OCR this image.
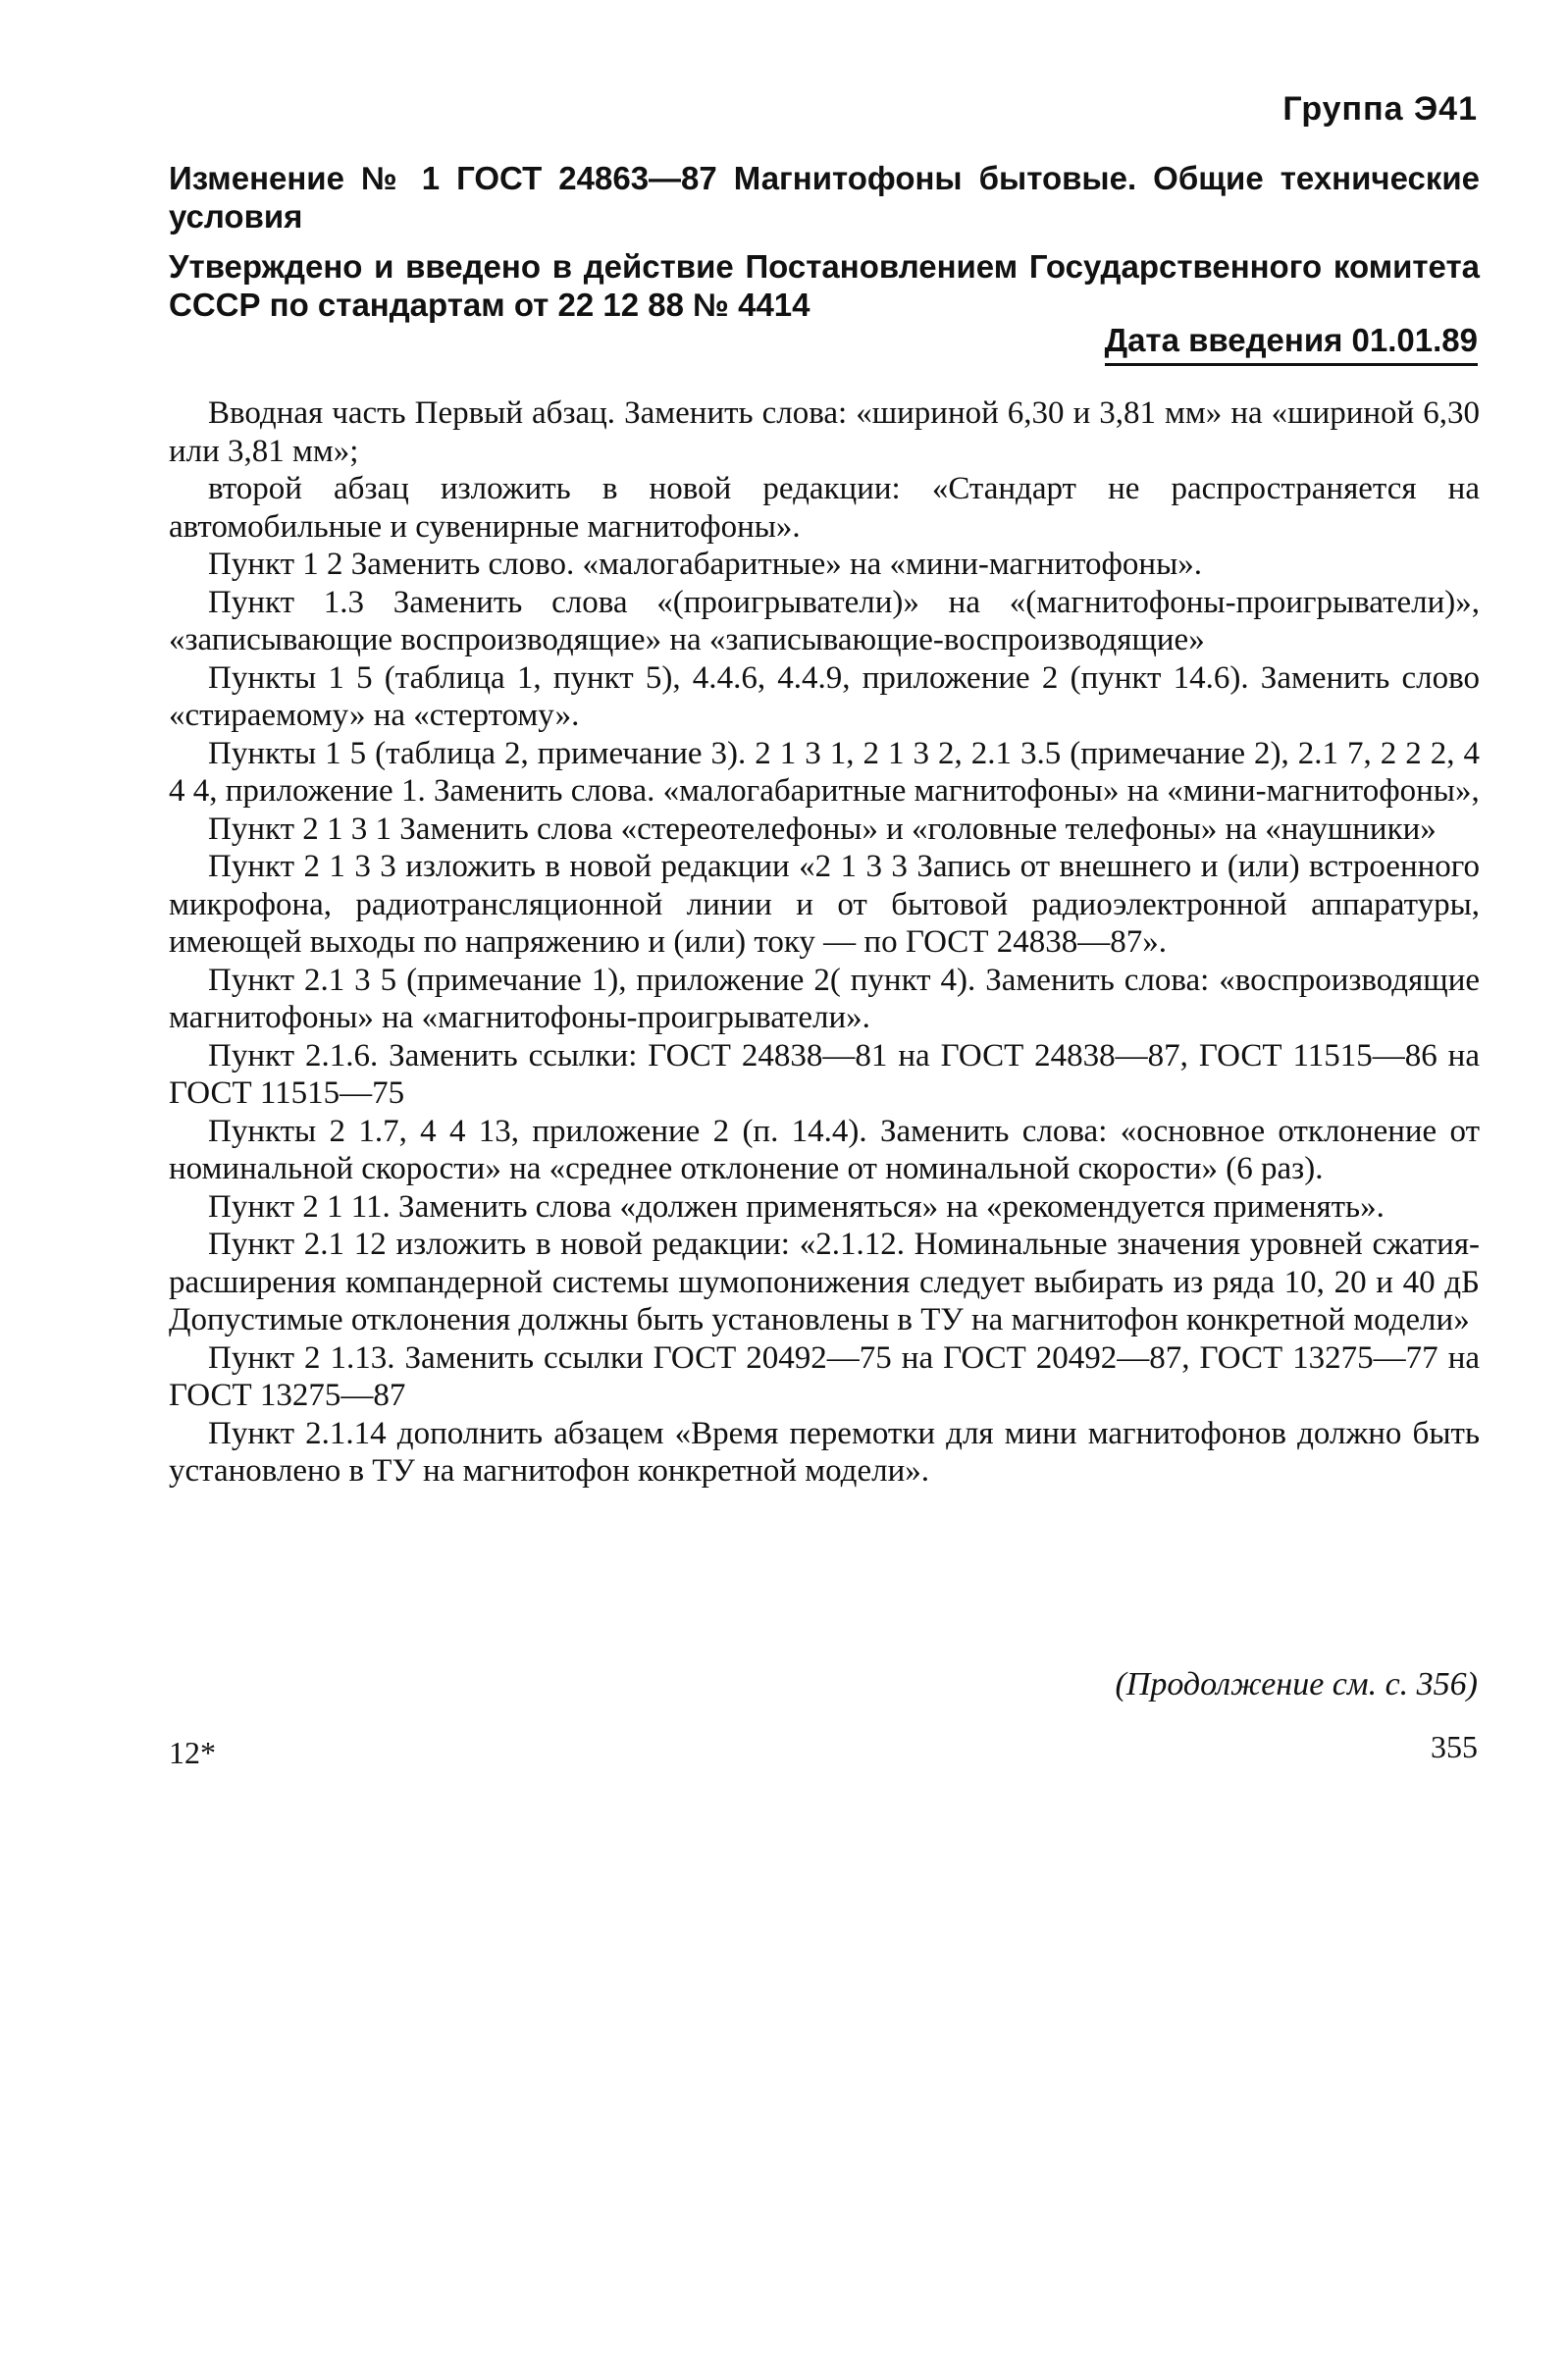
Группа Э41
Изменение № 1 ГОСТ 24863—87 Магнитофоны бытовые. Общие технические условия
Утверждено и введено в действие Постановлением Государственного комитета СССР по стандартам от 22 12 88 № 4414
Дата введения 01.01.89

Вводная часть Первый абзац. Заменить слова: «шириной 6,30 и 3,81 мм» на «шириной 6,30 или 3,81 мм»;

второй абзац изложить в новой редакции: «Стандарт не распространяется на автомобильные и сувенирные магнитофоны».

Пункт 1 2 Заменить слово. «малогабаритные» на «мини-магнитофоны».

Пункт 1.3 Заменить слова «(проигрыватели)» на «(магнитофоны-проигрыватели)», «записывающие воспроизводящие» на «записывающие-воспроизводящие»

Пункты 1 5 (таблица 1, пункт 5), 4.4.6, 4.4.9, приложение 2 (пункт 14.6). Заменить слово «стираемому» на «стертому».

Пункты 1 5 (таблица 2, примечание 3). 2 1 3 1, 2 1 3 2, 2.1 3.5 (примечание 2), 2.1 7, 2 2 2, 4 4 4, приложение 1. Заменить слова. «малогабаритные магнитофоны» на «мини-магнитофоны»,

Пункт 2 1 3 1 Заменить слова «стереотелефоны» и «головные телефоны» на «наушники»

Пункт 2 1 3 3 изложить в новой редакции «2 1 3 3 Запись от внешнего и (или) встроенного микрофона, радиотрансляционной линии и от бытовой радиоэлектронной аппаратуры, имеющей выходы по напряжению и (или) току — по ГОСТ 24838—87».

Пункт 2.1 3 5 (примечание 1), приложение 2( пункт 4). Заменить слова: «воспроизводящие магнитофоны» на «магнитофоны-проигрыватели».

Пункт 2.1.6. Заменить ссылки: ГОСТ 24838—81 на ГОСТ 24838—87, ГОСТ 11515—86 на ГОСТ 11515—75

Пункты 2 1.7, 4 4 13, приложение 2 (п. 14.4). Заменить слова: «основное отклонение от номинальной скорости» на «среднее отклонение от номинальной скорости» (6 раз).

Пункт 2 1 11. Заменить слова «должен применяться» на «рекомендуется применять».

Пункт 2.1 12 изложить в новой редакции: «2.1.12. Номинальные значения уровней сжатия-расширения компандерной системы шумопонижения следует выбирать из ряда 10, 20 и 40 дБ Допустимые отклонения должны быть установлены в ТУ на магнитофон конкретной модели»

Пункт 2 1.13. Заменить ссылки ГОСТ 20492—75 на ГОСТ 20492—87, ГОСТ 13275—77 на ГОСТ 13275—87

Пункт 2.1.14 дополнить абзацем «Время перемотки для мини магнитофонов должно быть установлено в ТУ на магнитофон конкретной модели».

(Продолжение см. с. 356)
12*	355
